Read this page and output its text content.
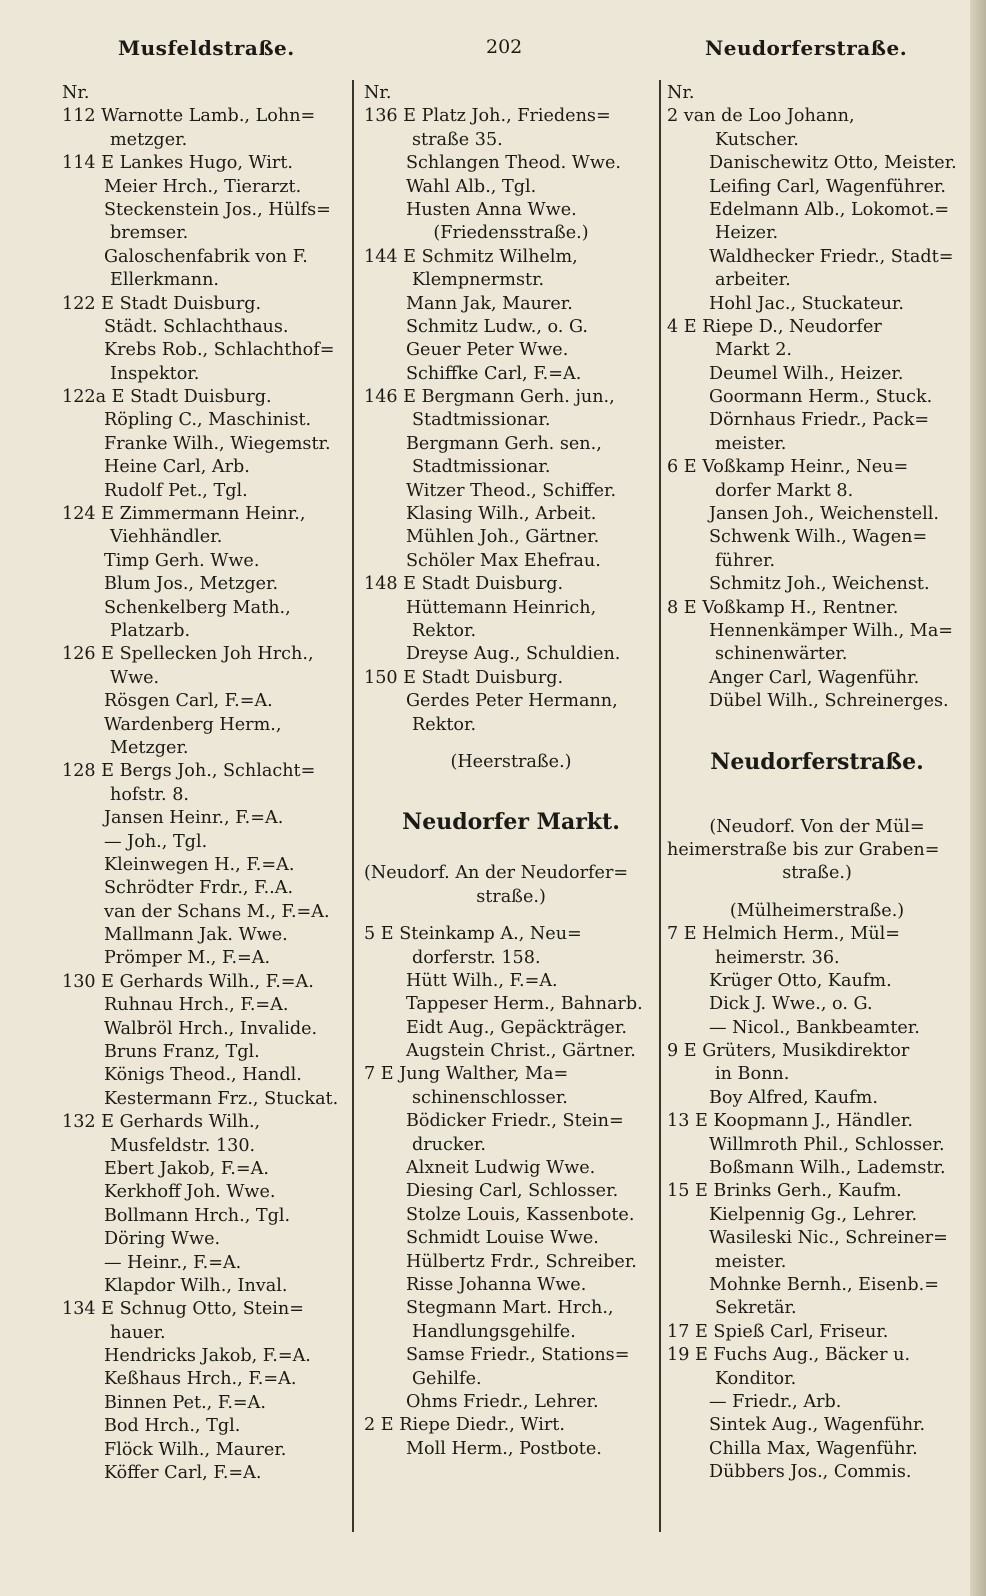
Musfeldstraße.	202	Neudorferstraße.
Nr.
112 Warnotte Lamb., Lohn=
metzger.
114 E Lankes Hugo, Wirt.
Meier Hrch., Tierarzt.
Steckenstein Jos., Hülfs=
bremser.
Galoschenfabrik von F.
Ellerkmann.
122 E Stadt Duisburg.
Städt. Schlachthaus.
Krebs Rob., Schlachthof=
Inspektor.
122a E Stadt Duisburg.
Röpling C., Maschinist.
Franke Wilh., Wiegemstr.
Heine Carl, Arb.
Rudolf Pet., Tgl.
124 E Zimmermann Heinr.,
Viehhändler.
Timp Gerh. Wwe.
Blum Jos., Metzger.
Schenkelberg Math.,
Platzarb.
126 E Spellecken Joh Hrch.,
Wwe.
Rösgen Carl, F.=A.
Wardenberg Herm.,
Metzger.
128 E Bergs Joh., Schlacht=
hofstr. 8.
Jansen Heinr., F.=A.
— Joh., Tgl.
Kleinwegen H., F.=A.
Schrödter Frdr., F..A.
van der Schans M., F.=A.
Mallmann Jak. Wwe.
Prömper M., F.=A.
130 E Gerhards Wilh., F.=A.
Ruhnau Hrch., F.=A.
Walbröl Hrch., Invalide.
Bruns Franz, Tgl.
Königs Theod., Handl.
Kestermann Frz., Stuckat.
132 E Gerhards Wilh.,
Musfeldstr. 130.
Ebert Jakob, F.=A.
Kerkhoff Joh. Wwe.
Bollmann Hrch., Tgl.
Döring Wwe.
— Heinr., F.=A.
Klapdor Wilh., Inval.
134 E Schnug Otto, Stein=
hauer.
Hendricks Jakob, F.=A.
Keßhaus Hrch., F.=A.
Binnen Pet., F.=A.
Bod Hrch., Tgl.
Flöck Wilh., Maurer.
Köffer Carl, F.=A.
Nr.
136 E Platz Joh., Friedens=
straße 35.
Schlangen Theod. Wwe.
Wahl Alb., Tgl.
Husten Anna Wwe.
(Friedensstraße.)
144 E Schmitz Wilhelm,
Klempnermstr.
Mann Jak, Maurer.
Schmitz Ludw., o. G.
Geuer Peter Wwe.
Schiffke Carl, F.=A.
146 E Bergmann Gerh. jun.,
Stadtmissionar.
Bergmann Gerh. sen.,
Stadtmissionar.
Witzer Theod., Schiffer.
Klasing Wilh., Arbeit.
Mühlen Joh., Gärtner.
Schöler Max Ehefrau.
148 E Stadt Duisburg.
Hüttemann Heinrich,
Rektor.
Dreyse Aug., Schuldien.
150 E Stadt Duisburg.
Gerdes Peter Hermann,
Rektor.
(Heerstraße.)
Neudorfer Markt.
(Neudorf. An der Neudorfer=
straße.)
5 E Steinkamp A., Neu=
dorferstr. 158.
Hütt Wilh., F.=A.
Tappeser Herm., Bahnarb.
Eidt Aug., Gepäckträger.
Augstein Christ., Gärtner.
7 E Jung Walther, Ma=
schinenschlosser.
Bödicker Friedr., Stein=
drucker.
Alxneit Ludwig Wwe.
Diesing Carl, Schlosser.
Stolze Louis, Kassenbote.
Schmidt Louise Wwe.
Hülbertz Frdr., Schreiber.
Risse Johanna Wwe.
Stegmann Mart. Hrch.,
Handlungsgehilfe.
Samse Friedr., Stations=
Gehilfe.
Ohms Friedr., Lehrer.
2 E Riepe Diedr., Wirt.
Moll Herm., Postbote.
Nr.
2 van de Loo Johann,
Kutscher.
Danischewitz Otto, Meister.
Leifing Carl, Wagenführer.
Edelmann Alb., Lokomot.=
Heizer.
Waldhecker Friedr., Stadt=
arbeiter.
Hohl Jac., Stuckateur.
4 E Riepe D., Neudorfer
Markt 2.
Deumel Wilh., Heizer.
Goormann Herm., Stuck.
Dörnhaus Friedr., Pack=
meister.
6 E Voßkamp Heinr., Neu=
dorfer Markt 8.
Jansen Joh., Weichenstell.
Schwenk Wilh., Wagen=
führer.
Schmitz Joh., Weichenst.
8 E Voßkamp H., Rentner.
Hennenkämper Wilh., Ma=
schinenwärter.
Anger Carl, Wagenführ.
Dübel Wilh., Schreinerges.
Neudorferstraße.
(Neudorf. Von der Mül=
heimerstraße bis zur Graben=
straße.)
(Mülheimerstraße.)
7 E Helmich Herm., Mül=
heimerstr. 36.
Krüger Otto, Kaufm.
Dick J. Wwe., o. G.
— Nicol., Bankbeamter.
9 E Grüters, Musikdirektor
in Bonn.
Boy Alfred, Kaufm.
13 E Koopmann J., Händler.
Willmroth Phil., Schlosser.
Boßmann Wilh., Lademstr.
15 E Brinks Gerh., Kaufm.
Kielpennig Gg., Lehrer.
Wasileski Nic., Schreiner=
meister.
Mohnke Bernh., Eisenb.=
Sekretär.
17 E Spieß Carl, Friseur.
19 E Fuchs Aug., Bäcker u.
Konditor.
— Friedr., Arb.
Sintek Aug., Wagenführ.
Chilla Max, Wagenführ.
Dübbers Jos., Commis.
